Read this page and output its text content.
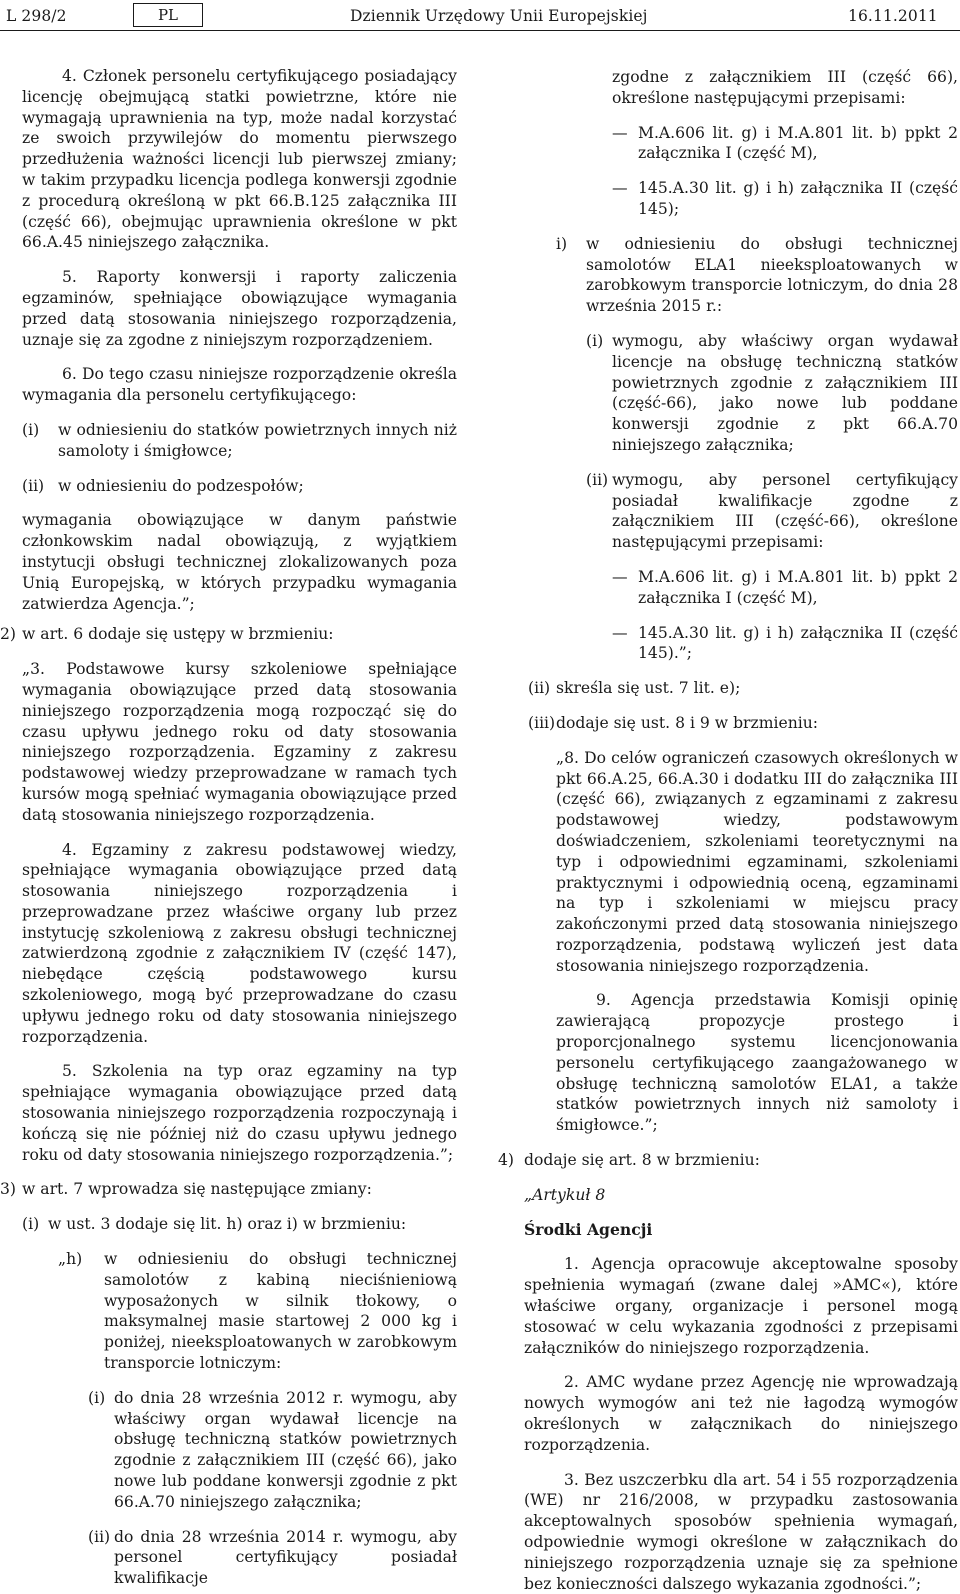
L 298/2	PL	Dziennik Urzędowy Unii Europejskiej	16.11.2011

4. Członek personelu certyfikującego posiadający licencję obejmującą statki powietrzne, które nie wymagają uprawnienia na typ, może nadal korzystać ze swoich przywilejów do momentu pierwszego przedłużenia ważności licencji lub pierwszej zmiany; w takim przypadku licencja podlega konwersji zgodnie z procedurą określoną w pkt 66.B.125 załącznika III (część 66), obejmując uprawnienia określone w pkt 66.A.45 niniejszego załącznika.

5. Raporty konwersji i raporty zaliczenia egzaminów, spełniające obowiązujące wymagania przed datą stosowania niniejszego rozporządzenia, uznaje się za zgodne z niniejszym rozporządzeniem.

6. Do tego czasu niniejsze rozporządzenie określa wymagania dla personelu certyfikującego:

(i) w odniesieniu do statków powietrznych innych niż samoloty i śmigłowce;
(ii) w odniesieniu do podzespołów;

wymagania obowiązujące w danym państwie członkowskim nadal obowiązują, z wyjątkiem instytucji obsługi technicznej zlokalizowanych poza Unią Europejską, w których przypadku wymagania zatwierdza Agencja.”;

2) w art. 6 dodaje się ustępy w brzmieniu:

„3. Podstawowe kursy szkoleniowe spełniające wymagania obowiązujące przed datą stosowania niniejszego rozporządzenia mogą rozpocząć się do czasu upływu jednego roku od daty stosowania niniejszego rozporządzenia. Egzaminy z zakresu podstawowej wiedzy przeprowadzane w ramach tych kursów mogą spełniać wymagania obowiązujące przed datą stosowania niniejszego rozporządzenia.

4. Egzaminy z zakresu podstawowej wiedzy, spełniające wymagania obowiązujące przed datą stosowania niniejszego rozporządzenia i przeprowadzane przez właściwe organy lub przez instytucję szkoleniową z zakresu obsługi technicznej zatwierdzoną zgodnie z załącznikiem IV (część 147), niebędące częścią podstawowego kursu szkoleniowego, mogą być przeprowadzane do czasu upływu jednego roku od daty stosowania niniejszego rozporządzenia.

5. Szkolenia na typ oraz egzaminy na typ spełniające wymagania obowiązujące przed datą stosowania niniejszego rozporządzenia rozpoczynają i kończą się nie później niż do czasu upływu jednego roku od daty stosowania niniejszego rozporządzenia.”;

3) w art. 7 wprowadza się następujące zmiany:
(i) w ust. 3 dodaje się lit. h) oraz i) w brzmieniu:
„h) w odniesieniu do obsługi technicznej samolotów z kabiną nieciśnieniową wyposażonych w silnik tłokowy, o maksymalnej masie startowej 2 000 kg i poniżej, nieeksploatowanych w zarobkowym transporcie lotniczym:
(i) do dnia 28 września 2012 r. wymogu, aby właściwy organ wydawał licencje na obsługę techniczną statków powietrznych zgodnie z załącznikiem III (część 66), jako nowe lub poddane konwersji zgodnie z pkt 66.A.70 niniejszego załącznika;
(ii) do dnia 28 września 2014 r. wymogu, aby personel certyfikujący posiadał kwalifikacje

zgodne z załącznikiem III (część 66), określone następującymi przepisami:

— M.A.606 lit. g) i M.A.801 lit. b) ppkt 2 załącznika I (część M),
— 145.A.30 lit. g) i h) załącznika II (część 145);
i) w odniesieniu do obsługi technicznej samolotów ELA1 nieeksploatowanych w zarobkowym transporcie lotniczym, do dnia 28 września 2015 r.:
(i) wymogu, aby właściwy organ wydawał licencje na obsługę techniczną statków powietrznych zgodnie z załącznikiem III (część-66), jako nowe lub poddane konwersji zgodnie z pkt 66.A.70 niniejszego załącznika;
(ii) wymogu, aby personel certyfikujący posiadał kwalifikacje zgodne z załącznikiem III (część-66), określone następującymi przepisami:
— M.A.606 lit. g) i M.A.801 lit. b) ppkt 2 załącznika I (część M),
— 145.A.30 lit. g) i h) załącznika II (część 145).”;
(ii) skreśla się ust. 7 lit. e);
(iii) dodaje się ust. 8 i 9 w brzmieniu:

„8. Do celów ograniczeń czasowych określonych w pkt 66.A.25, 66.A.30 i dodatku III do załącznika III (część 66), związanych z egzaminami z zakresu podstawowej wiedzy, podstawowym doświadczeniem, szkoleniami teoretycznymi na typ i odpowiednimi egzaminami, szkoleniami praktycznymi i odpowiednią oceną, egzaminami na typ i szkoleniami w miejscu pracy zakończonymi przed datą stosowania niniejszego rozporządzenia, podstawą wyliczeń jest data stosowania niniejszego rozporządzenia.

9. Agencja przedstawia Komisji opinię zawierającą propozycje prostego i proporcjonalnego systemu licencjonowania personelu certyfikującego zaangażowanego w obsługę techniczną samolotów ELA1, a także statków powietrznych innych niż samoloty i śmigłowce.”;

4) dodaje się art. 8 w brzmieniu:

„Artykuł 8

Środki Agencji

1. Agencja opracowuje akceptowalne sposoby spełnienia wymagań (zwane dalej »AMC«), które właściwe organy, organizacje i personel mogą stosować w celu wykazania zgodności z przepisami załączników do niniejszego rozporządzenia.

2. AMC wydane przez Agencję nie wprowadzają nowych wymogów ani też nie łagodzą wymogów określonych w załącznikach do niniejszego rozporządzenia.

3. Bez uszczerbku dla art. 54 i 55 rozporządzenia (WE) nr 216/2008, w przypadku zastosowania akceptowalnych sposobów spełnienia wymagań, odpowiednie wymogi określone w załącznikach do niniejszego rozporządzenia uznaje się za spełnione bez konieczności dalszego wykazania zgodności.”;
